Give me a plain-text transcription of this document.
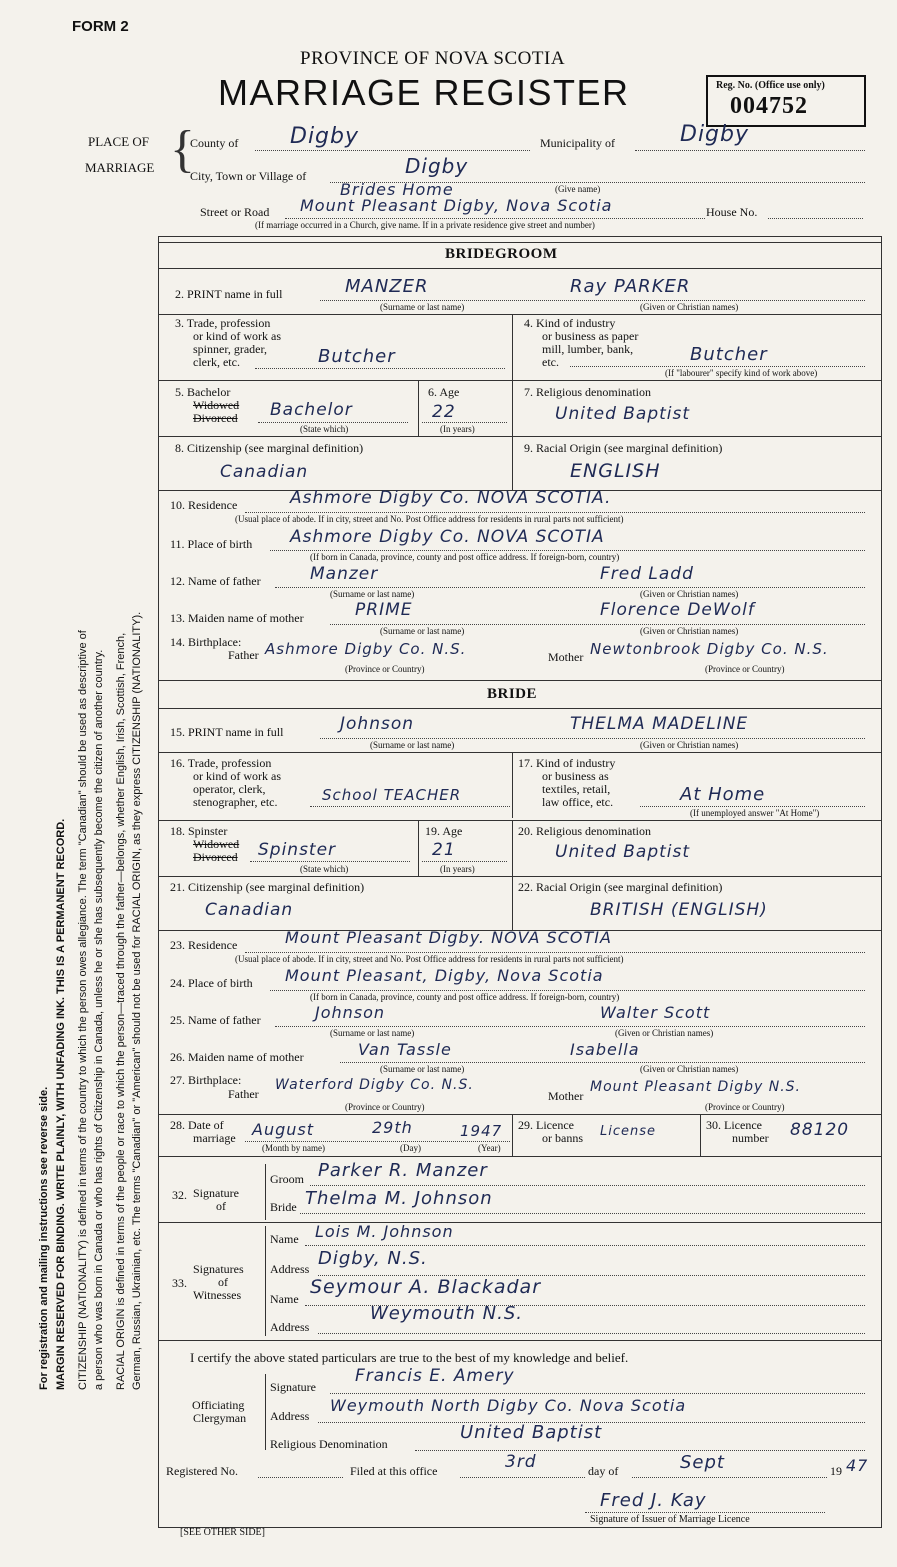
For registration and mailing instructions see reverse side. MARGIN RESERVED FOR BINDING. WRITE PLAINLY, WITH UNFADING INK. THIS IS A PERMANENT RECORD. CITIZENSHIP (NATIONALITY) is defined in terms of the country to which the person owes allegiance. The term "Canadian" should be used as descriptive of a person who was born in Canada or who has rights of Citizenship in Canada, unless he or she has subsequently become the citizen of another country. RACIAL ORIGIN is defined in terms of the people or race to which the person—traced through the father—belongs, whether English, Irish, Scottish, French, German, Russian, Ukrainian, etc. The terms "Canadian" or "American" should not be used for RACIAL ORIGIN, as they express CITIZENSHIP (NATIONALITY).
FORM 2
PROVINCE OF NOVA SCOTIA
MARRIAGE REGISTER	Reg. No. (Office use only)
004752
PLACE OF
MARRIAGE {
County of Digby	Municipality of	Digby
City, Town or Village of	Digby
(Give name)
Brides Home
Street or Road Mount Pleasant Digby, Nova Scotia	House No.
(If marriage occurred in a Church, give name. If in a private residence give street and number)
BRIDEGROOM
2. PRINT name in full	MANZER	Ray PARKER
(Surname or last name)	(Given or Christian names)
3. Trade, profession
or kind of work as
spinner, grader,
clerk, etc.	Butcher
4. Kind of industry
or business as paper
mill, lumber, bank,
etc.	Butcher
(If "labourer" specify kind of work above)
5. Bachelor
Widowed
Divorced Bachelor
(State which)
6. Age
22
(In years)
7. Religious denomination
United Baptist
8. Citizenship (see marginal definition)
Canadian
9. Racial Origin (see marginal definition)
ENGLISH
10. Residence	Ashmore Digby Co. NOVA SCOTIA.
(Usual place of abode. If in city, street and No. Post Office address for residents in rural parts not sufficient)
11. Place of birth Ashmore Digby Co. NOVA SCOTIA
(If born in Canada, province, county and post office address. If foreign-born, country)
12. Name of father	Manzer	Fred Ladd
(Surname or last name)	(Given or Christian names)
13. Maiden name of mother	PRIME	Florence DeWolf
(Surname or last name)	(Given or Christian names)
14. Birthplace:
Father Ashmore Digby Co. N.S.	Mother Newtonbrook Digby Co. N.S.
(Province or Country)	(Province or Country)
BRIDE
15. PRINT name in full	Johnson	THELMA MADELINE
(Surname or last name)	(Given or Christian names)
16. Trade, profession
or kind of work as
operator, clerk,
stenographer, etc.	School TEACHER
17. Kind of industry
or business as
textiles, retail,
law office, etc.	At Home
(If unemployed answer "At Home")
18. Spinster
Widowed
Divorced Spinster
(State which)
19. Age
21
(In years)
20. Religious denomination
United Baptist
21. Citizenship (see marginal definition)
Canadian
22. Racial Origin (see marginal definition)
BRITISH (ENGLISH)
23. Residence	Mount Pleasant Digby. NOVA SCOTIA
(Usual place of abode. If in city, street and No. Post Office address for residents in rural parts not sufficient)
24. Place of birth Mount Pleasant, Digby, Nova Scotia
(If born in Canada, province, county and post office address. If foreign-born, country)
25. Name of father	Johnson	Walter Scott
(Surname or last name)	(Given or Christian names)
26. Maiden name of mother	Van Tassle	Isabella
(Surname or last name)	(Given or Christian names)
27. Birthplace:
Father
Waterford Digby Co. N.S.
Mother
Mount Pleasant Digby N.S.
(Province or Country)	(Province or Country)
28. Date of
marriage August	29th	1947
(Month by name)	(Day)	(Year)
29. Licence
or banns License	30. Licence
number 88120
32. Signature
of
Groom Parker R. Manzer
Bride Thelma M. Johnson
33.
Signatures
of
Witnesses
Name Lois M. Johnson
Address Digby, N.S.
Name
Seymour A. Blackadar
Address
Weymouth N.S.
I certify the above stated particulars are true to the best of my knowledge and belief.
Officiating
Clergyman
Signature
Francis E. Amery
Address
Weymouth North Digby Co. Nova Scotia
Religious Denomination
United Baptist
Registered No.	Filed at this office	3rd	day of	Sept	19 47
Fred J. Kay
Signature of Issuer of Marriage Licence
[SEE OTHER SIDE]
